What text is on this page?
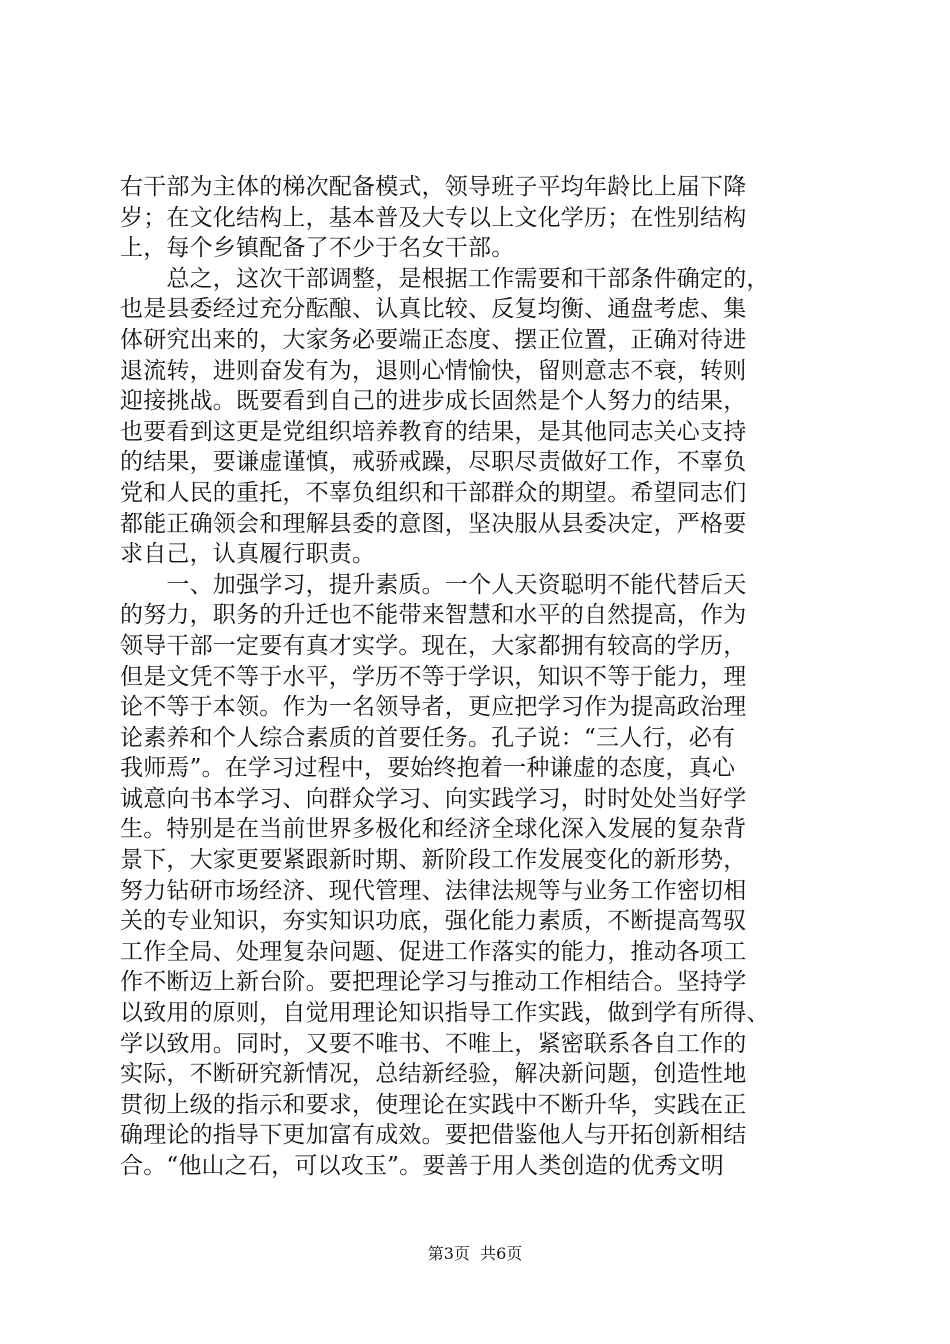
右干部为主体的梯次配备模式，领导班子平均年龄比上届下降
岁；在文化结构上，基本普及大专以上文化学历；在性别结构
上，每个乡镇配备了不少于名女干部。
　　总之，这次干部调整，是根据工作需要和干部条件确定的，
也是县委经过充分酝酿、认真比较、反复均衡、通盘考虑、集
体研究出来的，大家务必要端正态度、摆正位置，正确对待进
退流转，进则奋发有为，退则心情愉快，留则意志不衰，转则
迎接挑战。既要看到自己的进步成长固然是个人努力的结果，
也要看到这更是党组织培养教育的结果，是其他同志关心支持
的结果，要谦虚谨慎，戒骄戒躁，尽职尽责做好工作，不辜负
党和人民的重托，不辜负组织和干部群众的期望。希望同志们
都能正确领会和理解县委的意图，坚决服从县委决定，严格要
求自己，认真履行职责。
　　一、加强学习，提升素质。一个人天资聪明不能代替后天
的努力，职务的升迁也不能带来智慧和水平的自然提高，作为
领导干部一定要有真才实学。现在，大家都拥有较高的学历，
但是文凭不等于水平，学历不等于学识，知识不等于能力，理
论不等于本领。作为一名领导者，更应把学习作为提高政治理
论素养和个人综合素质的首要任务。孔子说：“三人行，必有
我师焉”。在学习过程中，要始终抱着一种谦虚的态度，真心
诚意向书本学习、向群众学习、向实践学习，时时处处当好学
生。特别是在当前世界多极化和经济全球化深入发展的复杂背
景下，大家更要紧跟新时期、新阶段工作发展变化的新形势，
努力钻研市场经济、现代管理、法律法规等与业务工作密切相
关的专业知识，夯实知识功底，强化能力素质，不断提高驾驭
工作全局、处理复杂问题、促进工作落实的能力，推动各项工
作不断迈上新台阶。要把理论学习与推动工作相结合。坚持学
以致用的原则，自觉用理论知识指导工作实践，做到学有所得、
学以致用。同时，又要不唯书、不唯上，紧密联系各自工作的
实际，不断研究新情况，总结新经验，解决新问题，创造性地
贯彻上级的指示和要求，使理论在实践中不断升华，实践在正
确理论的指导下更加富有成效。要把借鉴他人与开拓创新相结
合。“他山之石，可以攻玉”。要善于用人类创造的优秀文明
第3页  共6页
